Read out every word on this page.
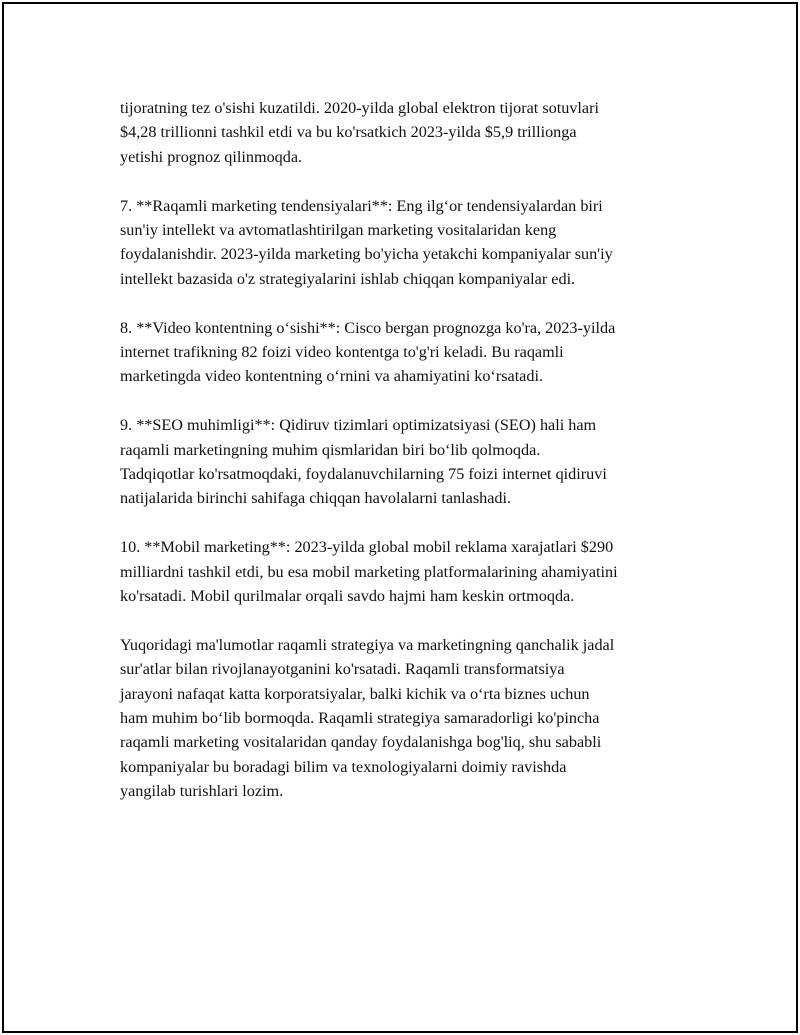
tijoratning tez o'sishi kuzatildi. 2020-yilda global elektron tijorat sotuvlari
$4,28 trillionni tashkil etdi va bu ko'rsatkich 2023-yilda $5,9 trillionga
yetishi prognoz qilinmoqda.

7. **Raqamli marketing tendensiyalari**: Eng ilg‘or tendensiyalardan biri
sun'iy intellekt va avtomatlashtirilgan marketing vositalaridan keng
foydalanishdir. 2023-yilda marketing bo'yicha yetakchi kompaniyalar sun'iy
intellekt bazasida o'z strategiyalarini ishlab chiqqan kompaniyalar edi.

8. **Video kontentning o‘sishi**: Cisco bergan prognozga ko'ra, 2023-yilda
internet trafikning 82 foizi video kontentga to'g'ri keladi. Bu raqamli
marketingda video kontentning o‘rnini va ahamiyatini ko‘rsatadi.

9. **SEO muhimligi**: Qidiruv tizimlari optimizatsiyasi (SEO) hali ham
raqamli marketingning muhim qismlaridan biri bo‘lib qolmoqda.
Tadqiqotlar ko'rsatmoqdaki, foydalanuvchilarning 75 foizi internet qidiruvi
natijalarida birinchi sahifaga chiqqan havolalarni tanlashadi.

10. **Mobil marketing**: 2023-yilda global mobil reklama xarajatlari $290
milliardni tashkil etdi, bu esa mobil marketing platformalarining ahamiyatini
ko'rsatadi. Mobil qurilmalar orqali savdo hajmi ham keskin ortmoqda.

Yuqoridagi ma'lumotlar raqamli strategiya va marketingning qanchalik jadal
sur'atlar bilan rivojlanayotganini ko'rsatadi. Raqamli transformatsiya
jarayoni nafaqat katta korporatsiyalar, balki kichik va o‘rta biznes uchun
ham muhim bo‘lib bormoqda. Raqamli strategiya samaradorligi ko'pincha
raqamli marketing vositalaridan qanday foydalanishga bog'liq, shu sababli
kompaniyalar bu boradagi bilim va texnologiyalarni doimiy ravishda
yangilab turishlari lozim.
